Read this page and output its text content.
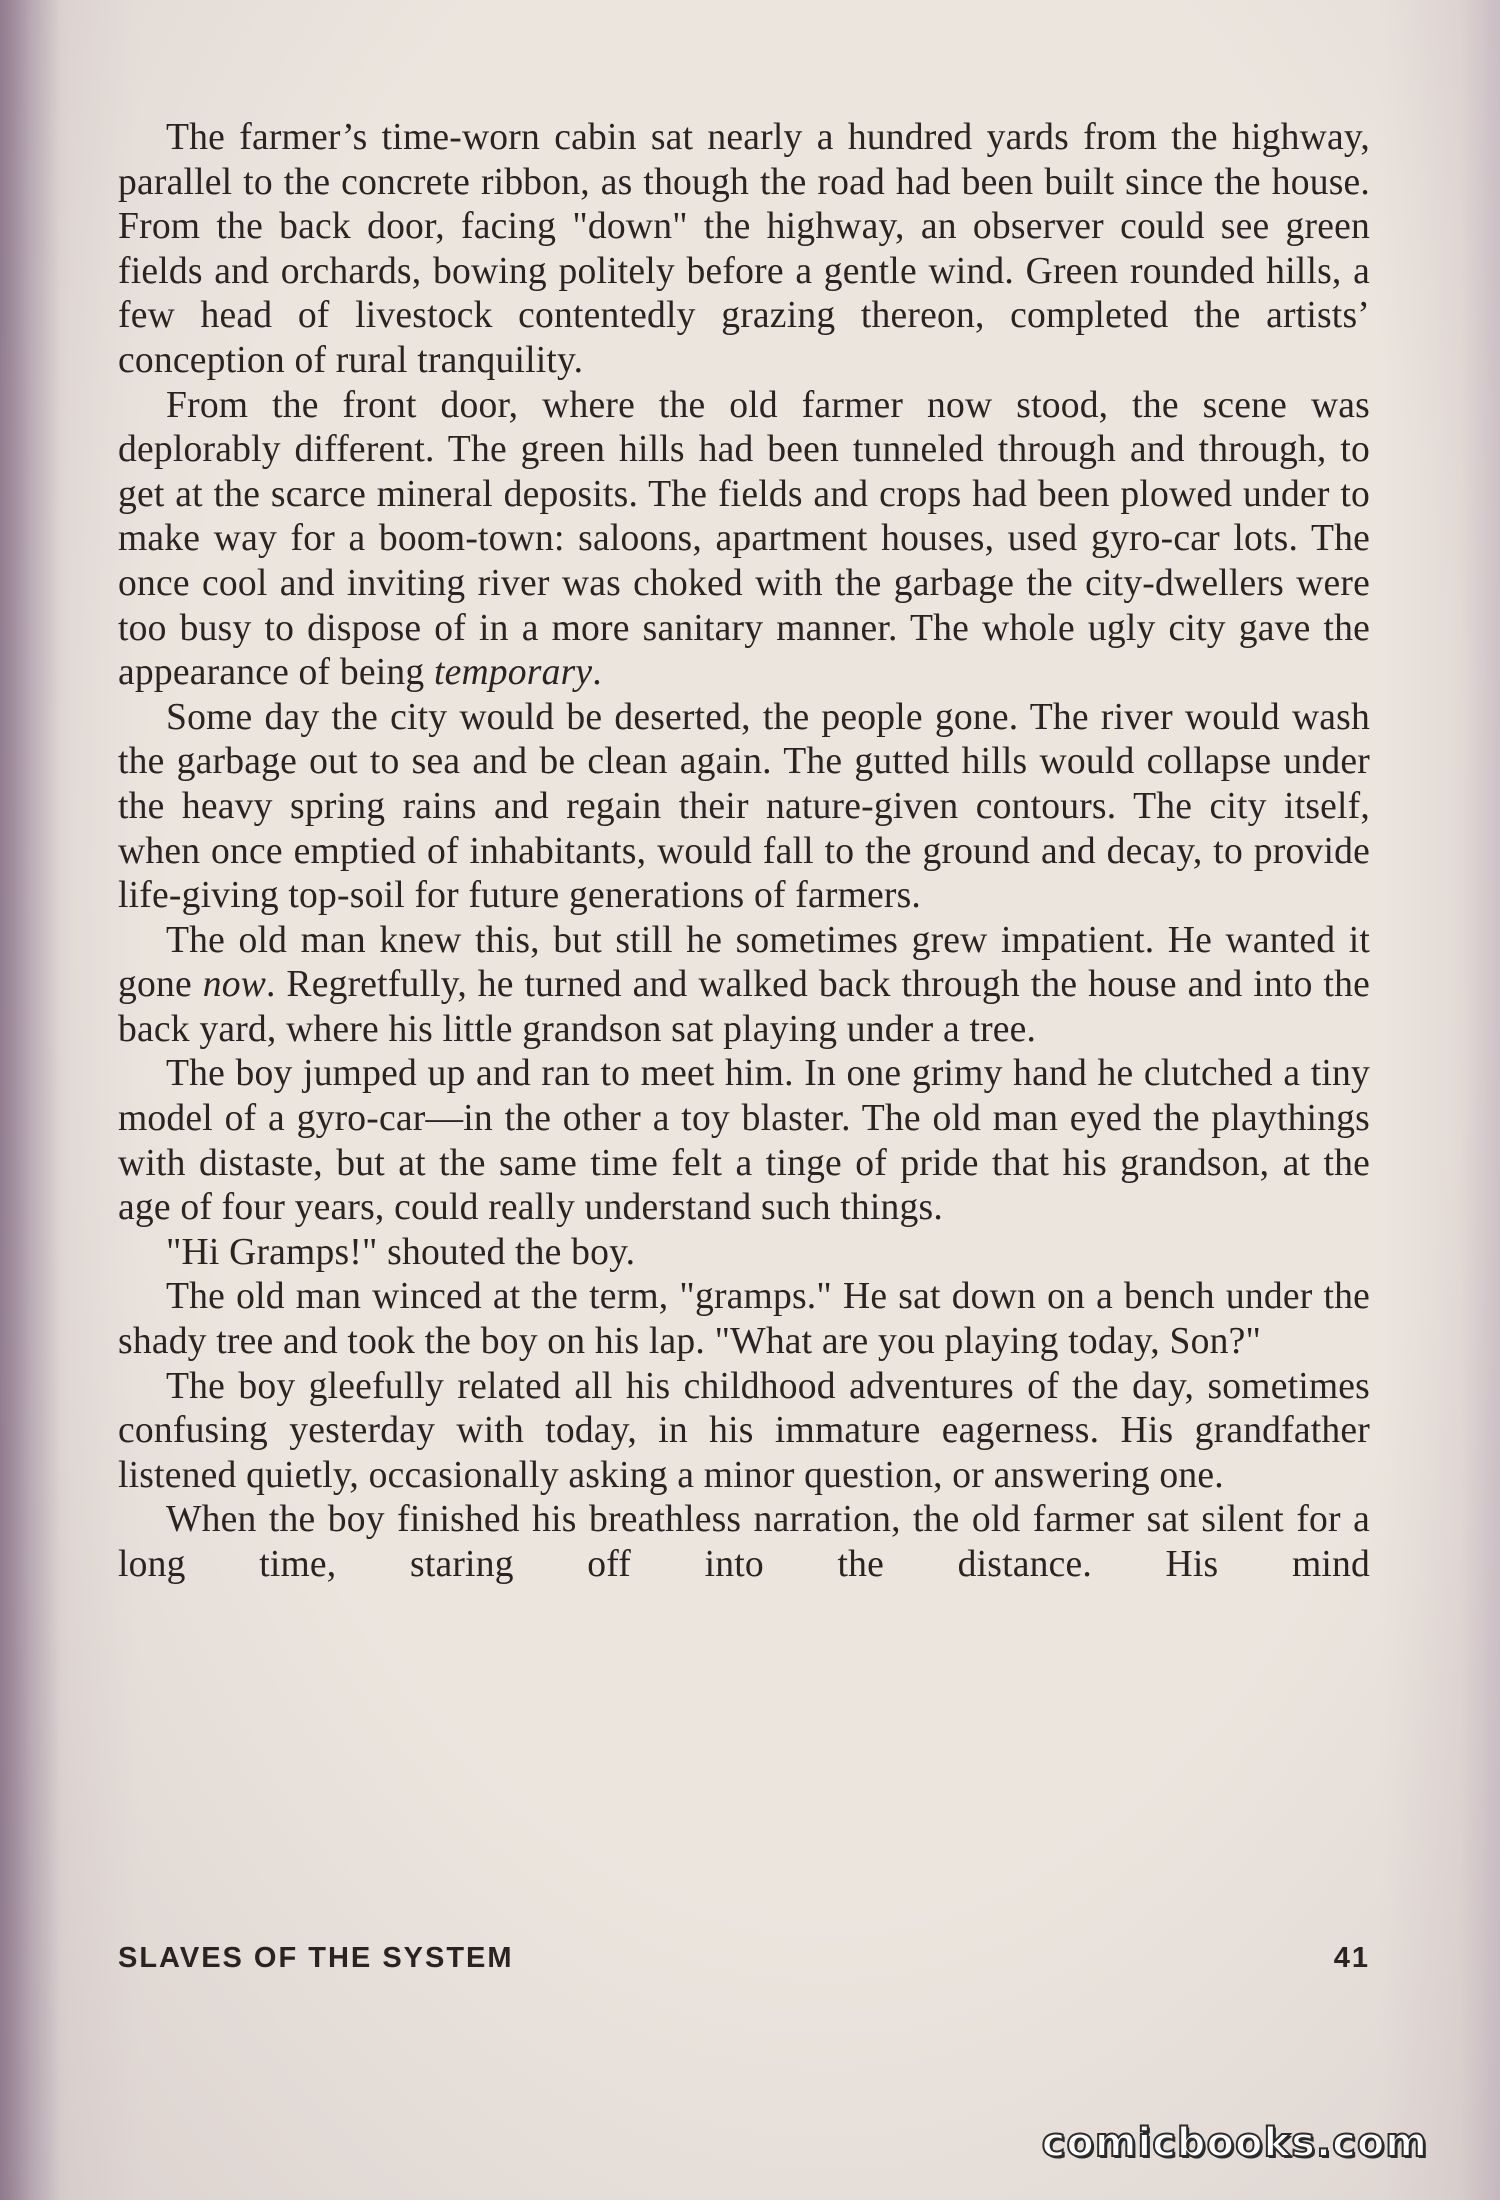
The farmer’s time-worn cabin sat nearly a hundred yards from the highway, parallel to the concrete ribbon, as though the road had been built since the house. From the back door, facing "down" the highway, an observer could see green fields and orchards, bowing politely before a gentle wind. Green rounded hills, a few head of livestock contentedly grazing thereon, completed the artists’ conception of rural tranquility.

From the front door, where the old farmer now stood, the scene was deplorably different. The green hills had been tunneled through and through, to get at the scarce mineral deposits. The fields and crops had been plowed under to make way for a boom-town: saloons, apartment houses, used gyro-car lots. The once cool and inviting river was choked with the garbage the city-dwellers were too busy to dispose of in a more sanitary manner. The whole ugly city gave the appearance of being temporary.

Some day the city would be deserted, the people gone. The river would wash the garbage out to sea and be clean again. The gutted hills would collapse under the heavy spring rains and regain their nature-given contours. The city itself, when once emptied of inhabitants, would fall to the ground and decay, to provide life-giving top-soil for future generations of farmers.

The old man knew this, but still he sometimes grew impatient. He wanted it gone now. Regretfully, he turned and walked back through the house and into the back yard, where his little grandson sat playing under a tree.

The boy jumped up and ran to meet him. In one grimy hand he clutched a tiny model of a gyro-car—in the other a toy blaster. The old man eyed the playthings with distaste, but at the same time felt a tinge of pride that his grandson, at the age of four years, could really understand such things.

"Hi Gramps!" shouted the boy.

The old man winced at the term, "gramps." He sat down on a bench under the shady tree and took the boy on his lap. "What are you playing today, Son?"

The boy gleefully related all his childhood adventures of the day, sometimes confusing yesterday with today, in his immature eagerness. His grandfather listened quietly, occasionally asking a minor question, or answering one.

When the boy finished his breathless narration, the old farmer sat silent for a long time, staring off into the distance. His mind

SLAVES OF THE SYSTEM	41
comicbooks.com
